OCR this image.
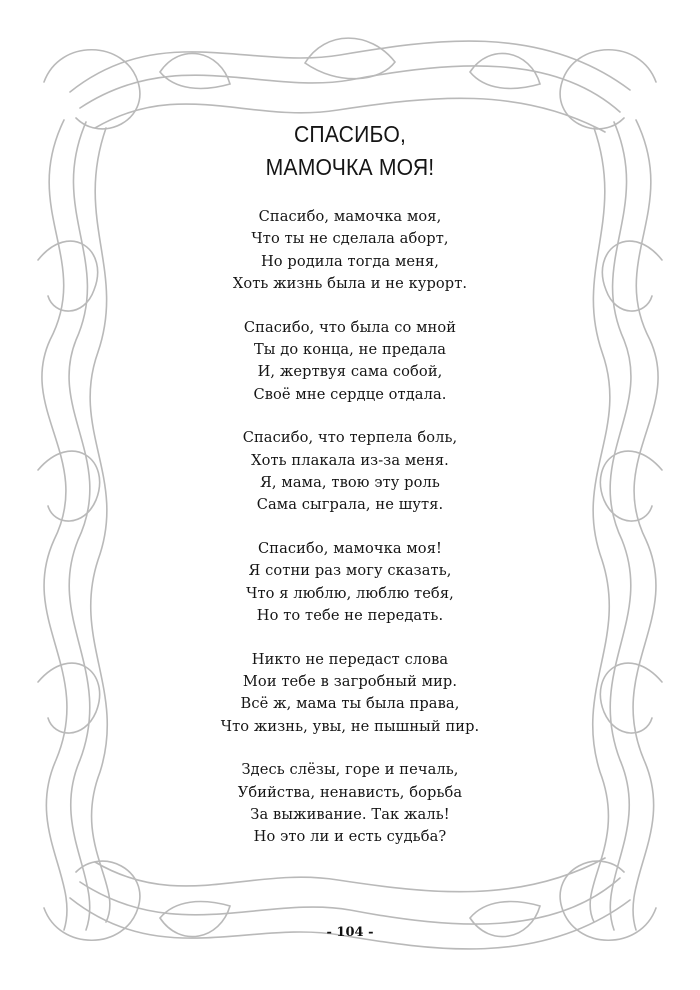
СПАСИБО,
МАМОЧКА МОЯ!
Спасибо, мамочка моя,
Что ты не сделала аборт,
Но родила тогда меня,
Хоть жизнь была и не курорт.
Спасибо, что была со мной
Ты до конца, не предала
И, жертвуя сама собой,
Своё мне сердце отдала.
Спасибо, что терпела боль,
Хоть плакала из-за меня.
Я, мама, твою эту роль
Сама сыграла, не шутя.
Спасибо, мамочка моя!
Я сотни раз могу сказать,
Что я люблю, люблю тебя,
Но то тебе не передать.
Никто не передаст слова
Мои тебе в загробный мир.
Всё ж, мама ты была права,
Что жизнь, увы, не пышный пир.
Здесь слёзы, горе и печаль,
Убийства, ненависть, борьба
За выживание. Так жаль!
Но это ли и есть судьба?
- 104 -
